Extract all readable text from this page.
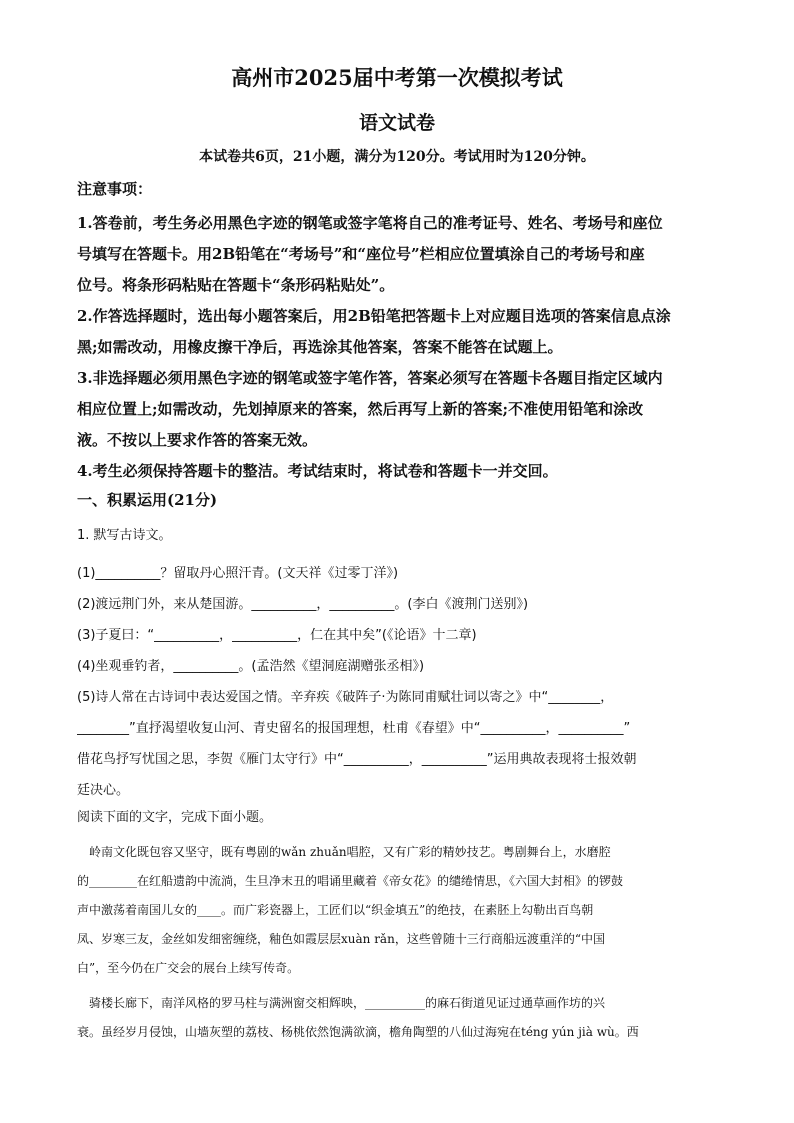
高州市2025届中考第一次模拟考试
语文试卷
本试卷共6页，21小题，满分为120分。考试用时为120分钟。
注意事项：
1.答卷前，考生务必用黑色字迹的钢笔或签字笔将自己的准考证号、姓名、考场号和座位
号填写在答题卡。用2B铅笔在“考场号”和“座位号”栏相应位置填涂自己的考场号和座
位号。将条形码粘贴在答题卡“条形码粘贴处”。
2.作答选择题时，选出每小题答案后，用2B铅笔把答题卡上对应题目选项的答案信息点涂
黑;如需改动，用橡皮擦干净后，再选涂其他答案，答案不能答在试题上。
3.非选择题必须用黑色字迹的钢笔或签字笔作答，答案必须写在答题卡各题目指定区域内
相应位置上;如需改动，先划掉原来的答案，然后再写上新的答案;不准使用铅笔和涂改
液。不按以上要求作答的答案无效。
4.考生必须保持答题卡的整洁。考试结束时，将试卷和答题卡一并交回。
一、积累运用(21分)
1. 默写古诗文。
(1)__________？留取丹心照汗青。(文天祥《过零丁洋》)
(2)渡远荆门外，来从楚国游。__________，__________。(李白《渡荆门送别》)
(3)子夏曰：“__________，__________，仁在其中矣”(《论语》十二章)
(4)坐观垂钓者，__________。(孟浩然《望洞庭湖赠张丞相》)
(5)诗人常在古诗词中表达爱国之情。辛弃疾《破阵子·为陈同甫赋壮词以寄之》中“________，
________”直抒渴望收复山河、青史留名的报国理想，杜甫《春望》中“__________，__________”
借花鸟抒写忧国之思，李贺《雁门太守行》中“__________，__________”运用典故表现将士报效朝
廷决心。
阅读下面的文字，完成下面小题。
岭南文化既包容又坚守，既有粤剧的wǎn zhuǎn唱腔，又有广彩的精妙技艺。粤剧舞台上，水磨腔
的________在红船遗韵中流淌，生旦净末丑的唱诵里藏着《帝女花》的缱绻情思，《六国大封相》的锣鼓
声中激荡着南国儿女的____。而广彩瓷器上，工匠们以“织金填五”的绝技，在素胚上勾勒出百鸟朝
凤、岁寒三友，金丝如发细密缠绕，釉色如霞层层xuàn rǎn，这些曾随十三行商船远渡重洋的“中国
白”，至今仍在广交会的展台上续写传奇。
骑楼长廊下，南洋风格的罗马柱与满洲窗交相辉映，__________的麻石街道见证过通草画作坊的兴
衰。虽经岁月侵蚀，山墙灰塑的荔枝、杨桃依然饱满欲滴，檐角陶塑的八仙过海宛在téng yún jià wù。西
